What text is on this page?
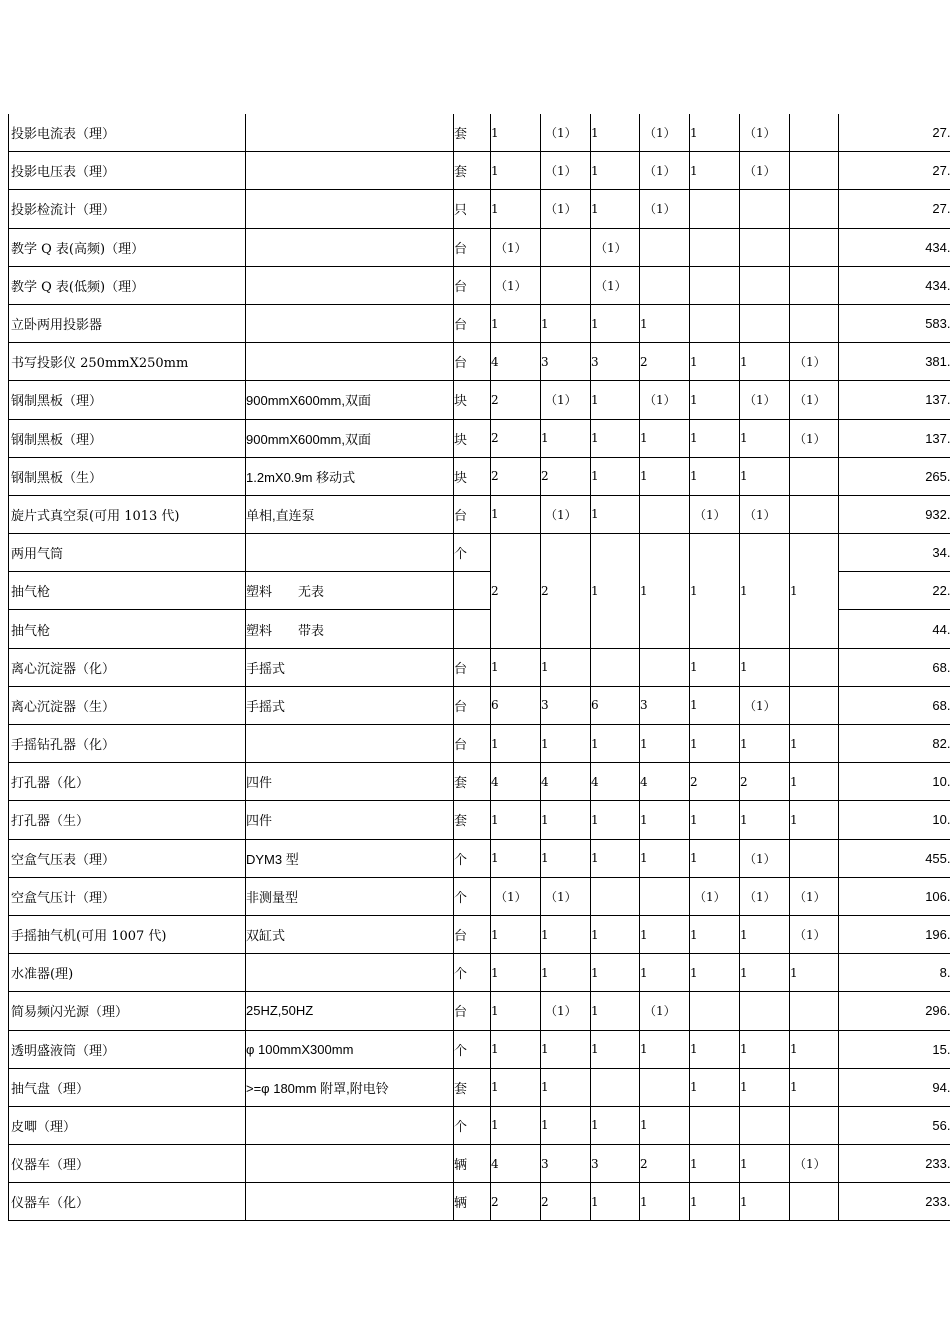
投影电流表（理）		套	1	（1）	1	（1）	1	（1）		27.
投影电压表（理）		套	1	（1）	1	（1）	1	（1）		27.
投影检流计（理）		只	1	（1）	1	（1）				27.
教学 Q 表(高频)（理）		台	（1）		（1）					434.
教学 Q 表(低频)（理）		台	（1）		（1）					434.
立卧两用投影器		台	1	1	1	1				583.
书写投影仪 250mmX250mm		台	4	3	3	2	1	1	（1）	381.
钢制黑板（理）	900mmX600mm,双面	块	2	（1）	1	（1）	1	（1）	（1）	137.
钢制黑板（理）	900mmX600mm,双面	块	2	1	1	1	1	1	（1）	137.
钢制黑板（生）	1.2mX0.9m 移动式	块	2	2	1	1	1	1		265.
旋片式真空泵(可用 1013 代)	单相,直连泵	台	1	（1）	1		（1）	（1）		932.
两用气筒		个	2	2	1	1	1	1	1	34.
抽气枪	塑料　　无表									22.
抽气枪	塑料　　带表									44.
离心沉淀器（化）	手摇式	台	1	1			1	1		68.
离心沉淀器（生）	手摇式	台	6	3	6	3	1	（1）		68.
手摇钻孔器（化）		台	1	1	1	1	1	1	1	82.
打孔器（化）	四件	套	4	4	4	4	2	2	1	10.
打孔器（生）	四件	套	1	1	1	1	1	1	1	10.
空盒气压表（理）	DYM3 型	个	1	1	1	1	1	（1）		455.
空盒气压计（理）	非测量型	个	（1）	（1）			（1）	（1）	（1）	106.
手摇抽气机(可用 1007 代)	双缸式	台	1	1	1	1	1	1	（1）	196.
水准器(理)		个	1	1	1	1	1	1	1	8.
简易频闪光源（理）	25HZ,50HZ	台	1	（1）	1	（1）				296.
透明盛液筒（理）	φ 100mmX300mm	个	1	1	1	1	1	1	1	15.
抽气盘（理）	>=φ 180mm 附罩,附电铃	套	1	1			1	1	1	94.
皮唧（理）		个	1	1	1	1				56.
仪器车（理）		辆	4	3	3	2	1	1	（1）	233.
仪器车（化）		辆	2	2	1	1	1	1		233.
